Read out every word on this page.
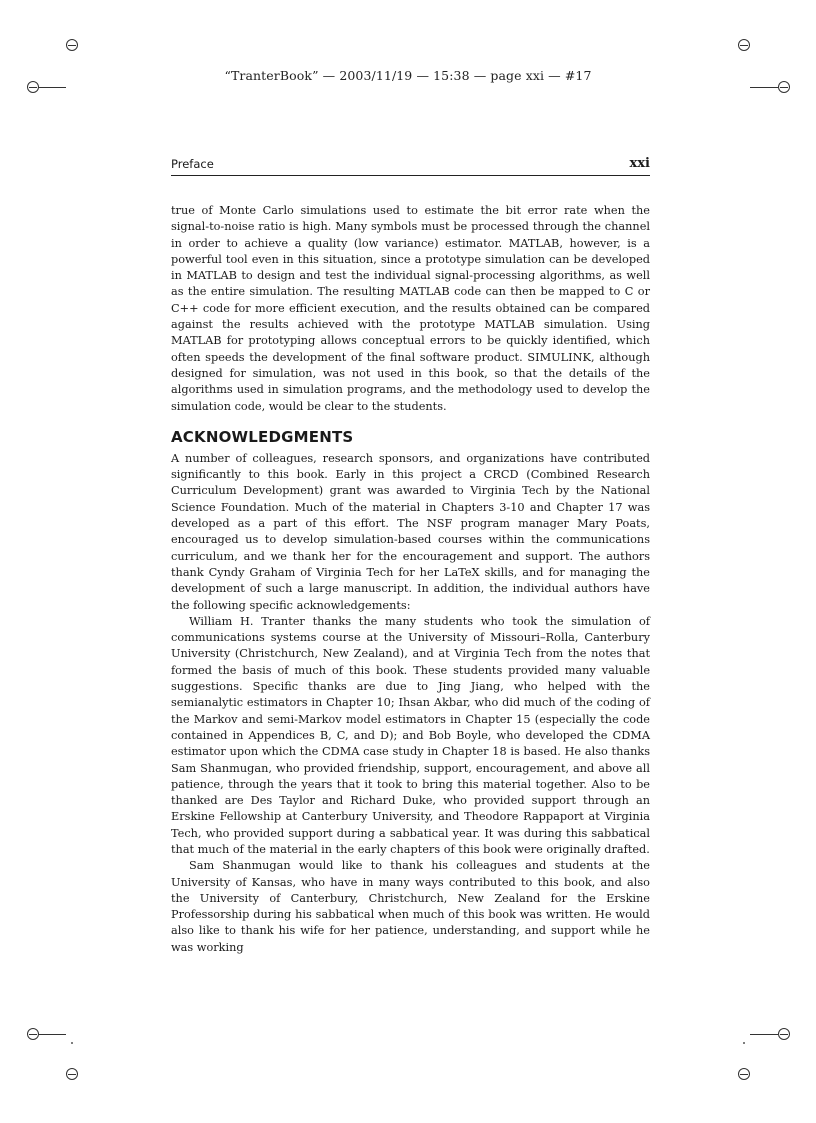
“TranterBook” — 2003/11/19 — 15:38 — page xxi — #17
Preface	xxi

true of Monte Carlo simulations used to estimate the bit error rate when the signal-to-noise ratio is high. Many symbols must be processed through the channel in order to achieve a quality (low variance) estimator. MATLAB, however, is a powerful tool even in this situation, since a prototype simulation can be developed in MATLAB to design and test the individual signal-processing algorithms, as well as the entire simulation. The resulting MATLAB code can then be mapped to C or C++ code for more efficient execution, and the results obtained can be compared against the results achieved with the prototype MATLAB simulation. Using MATLAB for prototyping allows conceptual errors to be quickly identified, which often speeds the development of the final software product. SIMULINK, although designed for simulation, was not used in this book, so that the details of the algorithms used in simulation programs, and the methodology used to develop the simulation code, would be clear to the students.

ACKNOWLEDGMENTS

A number of colleagues, research sponsors, and organizations have contributed significantly to this book. Early in this project a CRCD (Combined Research Curriculum Development) grant was awarded to Virginia Tech by the National Science Foundation. Much of the material in Chapters 3-10 and Chapter 17 was developed as a part of this effort. The NSF program manager Mary Poats, encouraged us to develop simulation-based courses within the communications curriculum, and we thank her for the encouragement and support. The authors thank Cyndy Graham of Virginia Tech for her LaTeX skills, and for managing the development of such a large manuscript. In addition, the individual authors have the following specific acknowledgements:

William H. Tranter thanks the many students who took the simulation of communications systems course at the University of Missouri–Rolla, Canterbury University (Christchurch, New Zealand), and at Virginia Tech from the notes that formed the basis of much of this book. These students provided many valuable suggestions. Specific thanks are due to Jing Jiang, who helped with the semianalytic estimators in Chapter 10; Ihsan Akbar, who did much of the coding of the Markov and semi-Markov model estimators in Chapter 15 (especially the code contained in Appendices B, C, and D); and Bob Boyle, who developed the CDMA estimator upon which the CDMA case study in Chapter 18 is based. He also thanks Sam Shanmugan, who provided friendship, support, encouragement, and above all patience, through the years that it took to bring this material together. Also to be thanked are Des Taylor and Richard Duke, who provided support through an Erskine Fellowship at Canterbury University, and Theodore Rappaport at Virginia Tech, who provided support during a sabbatical year. It was during this sabbatical that much of the material in the early chapters of this book were originally drafted.

Sam Shanmugan would like to thank his colleagues and students at the University of Kansas, who have in many ways contributed to this book, and also the University of Canterbury, Christchurch, New Zealand for the Erskine Professorship during his sabbatical when much of this book was written. He would also like to thank his wife for her patience, understanding, and support while he was working
